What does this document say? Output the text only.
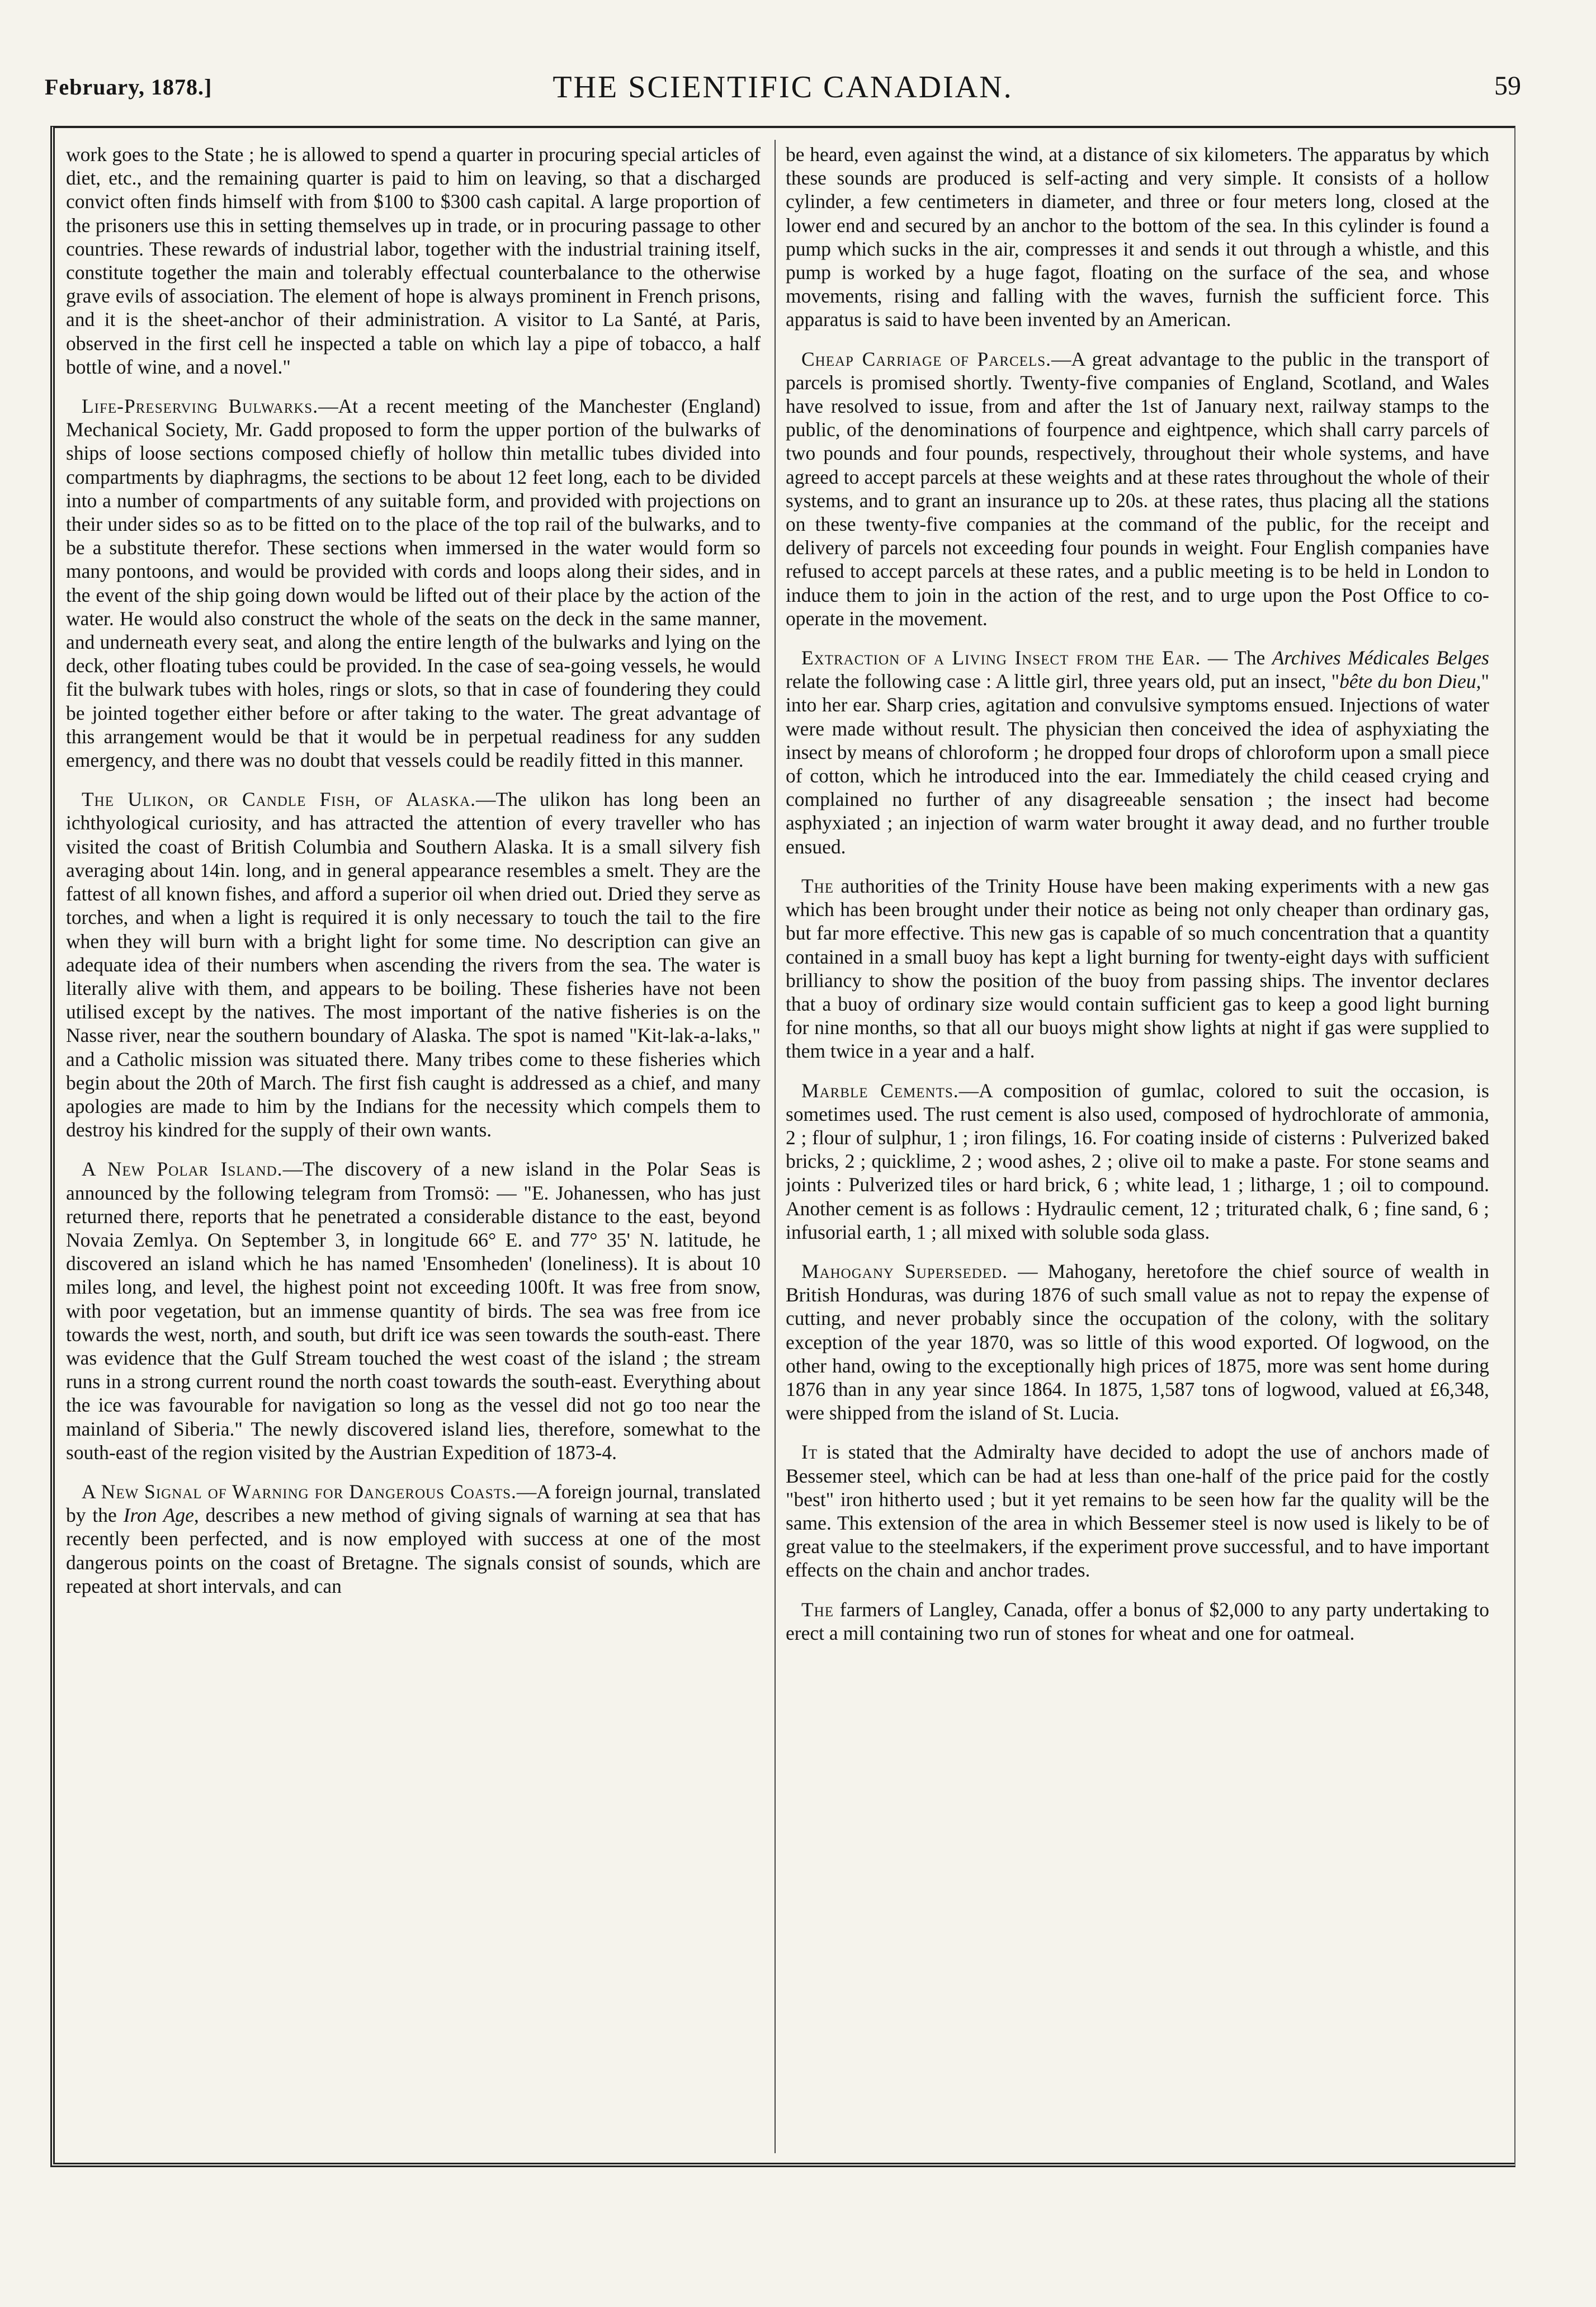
February, 1878.]	THE SCIENTIFIC CANADIAN.	59

work goes to the State ; he is allowed to spend a quarter in procuring special articles of diet, etc., and the remaining quarter is paid to him on leaving, so that a discharged convict often finds himself with from $100 to $300 cash capital. A large proportion of the prisoners use this in setting themselves up in trade, or in procuring passage to other countries. These rewards of industrial labor, together with the industrial training itself, constitute together the main and tolerably effectual counterbalance to the otherwise grave evils of association. The element of hope is always prominent in French prisons, and it is the sheet-anchor of their administration. A visitor to La Santé, at Paris, observed in the first cell he inspected a table on which lay a pipe of tobacco, a half bottle of wine, and a novel."

Life-Preserving Bulwarks.—At a recent meeting of the Manchester (England) Mechanical Society, Mr. Gadd proposed to form the upper portion of the bulwarks of ships of loose sections composed chiefly of hollow thin metallic tubes divided into compartments by diaphragms, the sections to be about 12 feet long, each to be divided into a number of compartments of any suitable form, and provided with projections on their under sides so as to be fitted on to the place of the top rail of the bulwarks, and to be a substitute therefor. These sections when immersed in the water would form so many pontoons, and would be provided with cords and loops along their sides, and in the event of the ship going down would be lifted out of their place by the action of the water. He would also construct the whole of the seats on the deck in the same manner, and underneath every seat, and along the entire length of the bulwarks and lying on the deck, other floating tubes could be provided. In the case of sea-going vessels, he would fit the bulwark tubes with holes, rings or slots, so that in case of foundering they could be jointed together either before or after taking to the water. The great advantage of this arrangement would be that it would be in perpetual readiness for any sudden emergency, and there was no doubt that vessels could be readily fitted in this manner.

The Ulikon, or Candle Fish, of Alaska.—The ulikon has long been an ichthyological curiosity, and has attracted the attention of every traveller who has visited the coast of British Columbia and Southern Alaska. It is a small silvery fish averaging about 14in. long, and in general appearance resembles a smelt. They are the fattest of all known fishes, and afford a superior oil when dried out. Dried they serve as torches, and when a light is required it is only necessary to touch the tail to the fire when they will burn with a bright light for some time. No description can give an adequate idea of their numbers when ascending the rivers from the sea. The water is literally alive with them, and appears to be boiling. These fisheries have not been utilised except by the natives. The most important of the native fisheries is on the Nasse river, near the southern boundary of Alaska. The spot is named "Kit-lak-a-laks," and a Catholic mission was situated there. Many tribes come to these fisheries which begin about the 20th of March. The first fish caught is addressed as a chief, and many apologies are made to him by the Indians for the necessity which compels them to destroy his kindred for the supply of their own wants.

A New Polar Island.—The discovery of a new island in the Polar Seas is announced by the following telegram from Tromsö: — "E. Johanessen, who has just returned there, reports that he penetrated a considerable distance to the east, beyond Novaia Zemlya. On September 3, in longitude 66° E. and 77° 35' N. latitude, he discovered an island which he has named 'Ensomheden' (loneliness). It is about 10 miles long, and level, the highest point not exceeding 100ft. It was free from snow, with poor vegetation, but an immense quantity of birds. The sea was free from ice towards the west, north, and south, but drift ice was seen towards the south-east. There was evidence that the Gulf Stream touched the west coast of the island ; the stream runs in a strong current round the north coast towards the south-east. Everything about the ice was favourable for navigation so long as the vessel did not go too near the mainland of Siberia." The newly discovered island lies, therefore, somewhat to the south-east of the region visited by the Austrian Expedition of 1873-4.

A New Signal of Warning for Dangerous Coasts.—A foreign journal, translated by the Iron Age, describes a new method of giving signals of warning at sea that has recently been perfected, and is now employed with success at one of the most dangerous points on the coast of Bretagne. The signals consist of sounds, which are repeated at short intervals, and can

be heard, even against the wind, at a distance of six kilometers. The apparatus by which these sounds are produced is self-acting and very simple. It consists of a hollow cylinder, a few centimeters in diameter, and three or four meters long, closed at the lower end and secured by an anchor to the bottom of the sea. In this cylinder is found a pump which sucks in the air, compresses it and sends it out through a whistle, and this pump is worked by a huge fagot, floating on the surface of the sea, and whose movements, rising and falling with the waves, furnish the sufficient force. This apparatus is said to have been invented by an American.

Cheap Carriage of Parcels.—A great advantage to the public in the transport of parcels is promised shortly. Twenty-five companies of England, Scotland, and Wales have resolved to issue, from and after the 1st of January next, railway stamps to the public, of the denominations of fourpence and eightpence, which shall carry parcels of two pounds and four pounds, respectively, throughout their whole systems, and have agreed to accept parcels at these weights and at these rates throughout the whole of their systems, and to grant an insurance up to 20s. at these rates, thus placing all the stations on these twenty-five companies at the command of the public, for the receipt and delivery of parcels not exceeding four pounds in weight. Four English companies have refused to accept parcels at these rates, and a public meeting is to be held in London to induce them to join in the action of the rest, and to urge upon the Post Office to co-operate in the movement.

Extraction of a Living Insect from the Ear. — The Archives Médicales Belges relate the following case : A little girl, three years old, put an insect, "bête du bon Dieu," into her ear. Sharp cries, agitation and convulsive symptoms ensued. Injections of water were made without result. The physician then conceived the idea of asphyxiating the insect by means of chloroform ; he dropped four drops of chloroform upon a small piece of cotton, which he introduced into the ear. Immediately the child ceased crying and complained no further of any disagreeable sensation ; the insect had become asphyxiated ; an injection of warm water brought it away dead, and no further trouble ensued.

The authorities of the Trinity House have been making experiments with a new gas which has been brought under their notice as being not only cheaper than ordinary gas, but far more effective. This new gas is capable of so much concentration that a quantity contained in a small buoy has kept a light burning for twenty-eight days with sufficient brilliancy to show the position of the buoy from passing ships. The inventor declares that a buoy of ordinary size would contain sufficient gas to keep a good light burning for nine months, so that all our buoys might show lights at night if gas were supplied to them twice in a year and a half.

Marble Cements.—A composition of gumlac, colored to suit the occasion, is sometimes used. The rust cement is also used, composed of hydrochlorate of ammonia, 2 ; flour of sulphur, 1 ; iron filings, 16. For coating inside of cisterns : Pulverized baked bricks, 2 ; quicklime, 2 ; wood ashes, 2 ; olive oil to make a paste. For stone seams and joints : Pulverized tiles or hard brick, 6 ; white lead, 1 ; litharge, 1 ; oil to compound. Another cement is as follows : Hydraulic cement, 12 ; triturated chalk, 6 ; fine sand, 6 ; infusorial earth, 1 ; all mixed with soluble soda glass.

Mahogany Superseded. — Mahogany, heretofore the chief source of wealth in British Honduras, was during 1876 of such small value as not to repay the expense of cutting, and never probably since the occupation of the colony, with the solitary exception of the year 1870, was so little of this wood exported. Of logwood, on the other hand, owing to the exceptionally high prices of 1875, more was sent home during 1876 than in any year since 1864. In 1875, 1,587 tons of logwood, valued at £6,348, were shipped from the island of St. Lucia.

It is stated that the Admiralty have decided to adopt the use of anchors made of Bessemer steel, which can be had at less than one-half of the price paid for the costly "best" iron hitherto used ; but it yet remains to be seen how far the quality will be the same. This extension of the area in which Bessemer steel is now used is likely to be of great value to the steelmakers, if the experiment prove successful, and to have important effects on the chain and anchor trades.

The farmers of Langley, Canada, offer a bonus of $2,000 to any party undertaking to erect a mill containing two run of stones for wheat and one for oatmeal.
